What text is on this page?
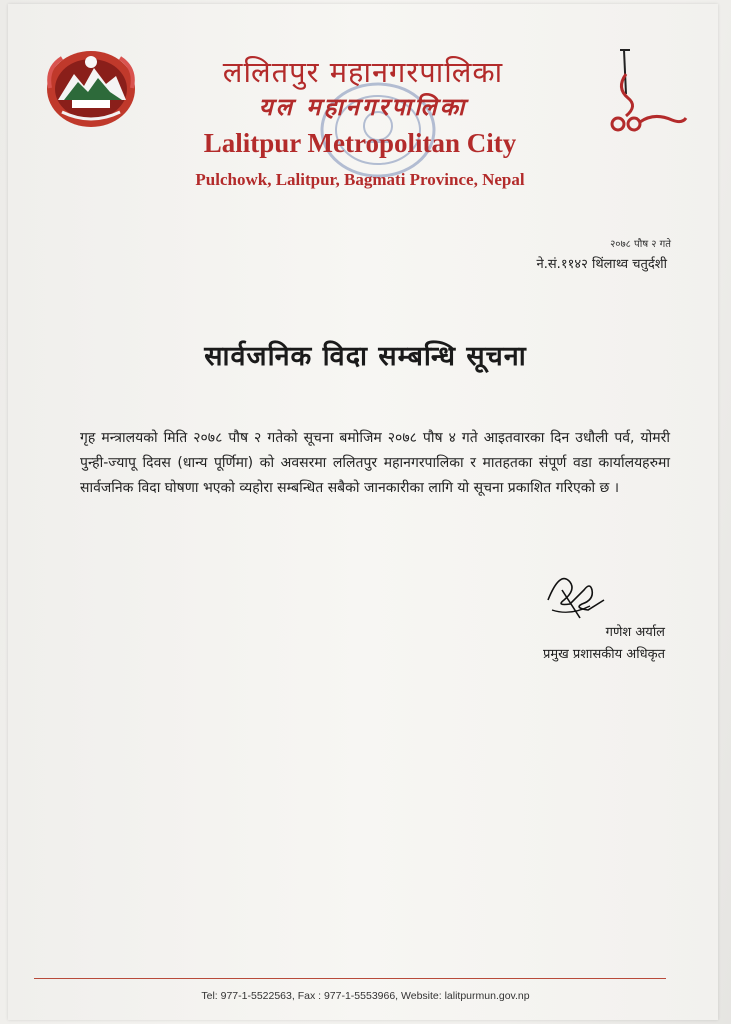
ललितपुर महानगरपालिका
यल महानगरपालिका
Lalitpur Metropolitan City
Pulchowk, Lalitpur, Bagmati Province, Nepal
२०७८ पौष २ गते
ने.सं.११४२ थिंलाथ्व चतुर्दशी
सार्वजनिक विदा सम्बन्धि सूचना
गृह मन्त्रालयको मिति २०७८ पौष २ गतेको सूचना बमोजिम २०७८ पौष ४ गते आइतवारका दिन उधौली पर्व, योमरी पुन्ही-ज्यापू दिवस (धान्य पूर्णिमा) को अवसरमा ललितपुर महानगरपालिका र मातहतका संपूर्ण वडा कार्यालयहरुमा सार्वजनिक विदा घोषणा भएको व्यहोरा सम्बन्धित सबैको जानकारीका लागि यो सूचना प्रकाशित गरिएको छ ।
गणेश अर्याल
प्रमुख प्रशासकीय अधिकृत
Tel: 977-1-5522563, Fax : 977-1-5553966, Website: lalitpurmun.gov.np
